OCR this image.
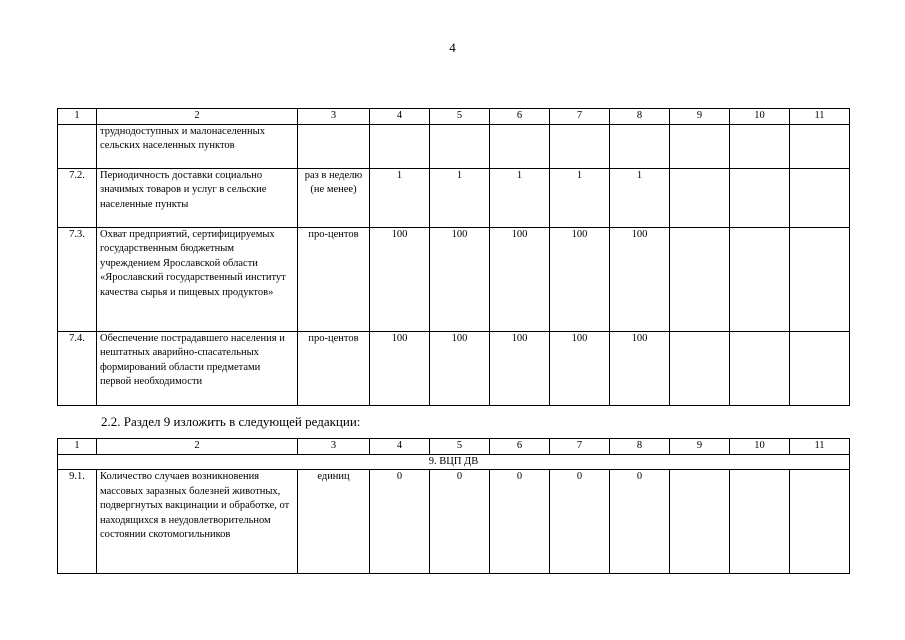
4
1	2	3	4	5	6	7	8	9	10	11
	труднодоступных и малонаселенных сельских населенных пунктов									
7.2.	Периодичность доставки социально значимых товаров и услуг в сельские населенные пункты	раз в неделю (не менее)	1	1	1	1	1			
7.3.	Охват предприятий, сертифицируемых государственным бюджетным учреждением Ярославской области «Ярославский государственный институт качества сырья и пищевых продуктов»	про-центов	100	100	100	100	100			
7.4.	Обеспечение пострадавшего населения и нештатных аварийно-спасательных формирований области предметами первой необходимости	про-центов	100	100	100	100	100			
2.2. Раздел 9 изложить в следующей редакции:
1	2	3	4	5	6	7	8	9	10	11
9. ВЦП ДВ										
9.1.	Количество случаев возникновения массовых заразных болезней животных, подвергнутых вакцинации и обработке, от находящихся в неудовлетворительном состоянии скотомогильников	единиц	0	0	0	0	0			
